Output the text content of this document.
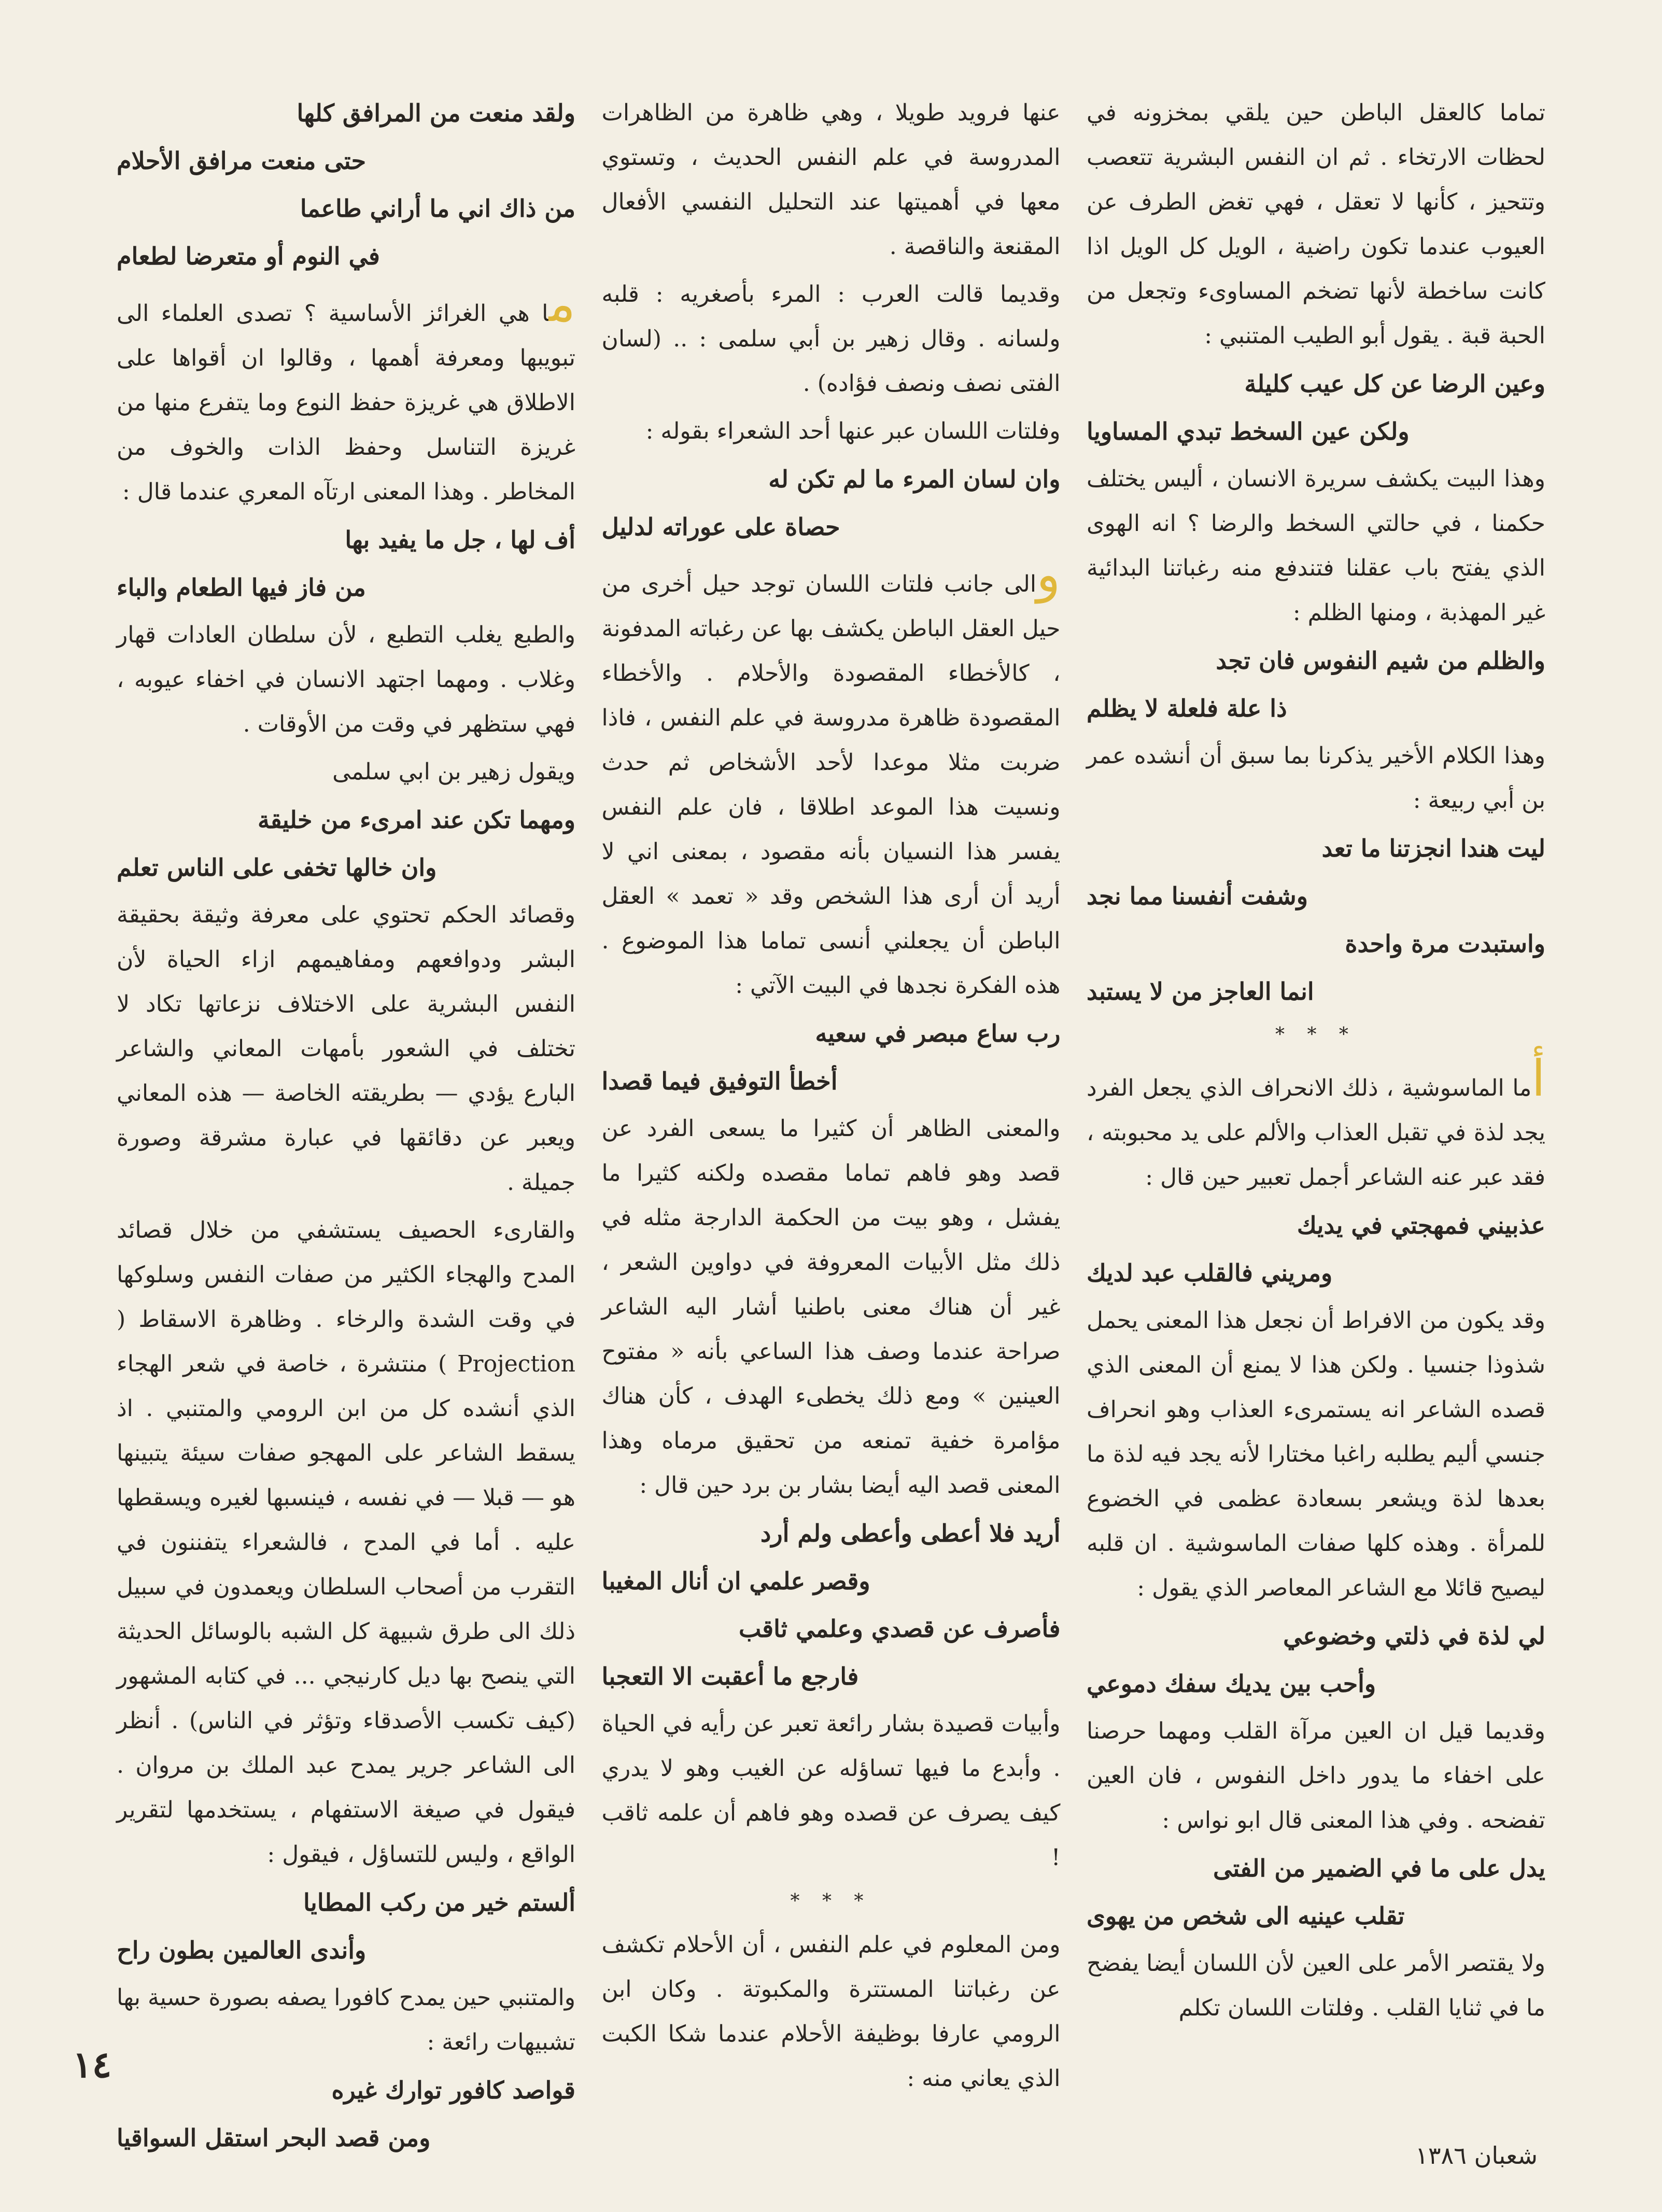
تماما كالعقل الباطن حين يلقي بمخزونه في لحظات الارتخاء . ثم ان النفس البشرية تتعصب وتتحيز ، كأنها لا تعقل ، فهي تغض الطرف عن العيوب عندما تكون راضية ، الويل كل الويل اذا كانت ساخطة لأنها تضخم المساوىء وتجعل من الحبة قبة . يقول أبو الطيب المتنبي :

وعين الرضا عن كل عيب كليلة

ولكن عين السخط تبدي المساويا

وهذا البيت يكشف سريرة الانسان ، أليس يختلف حكمنا ، في حالتي السخط والرضا ؟ انه الهوى الذي يفتح باب عقلنا فتندفع منه رغباتنا البدائية غير المهذبة ، ومنها الظلم :

والظلم من شيم النفوس فان تجد

ذا علة فلعلة لا يظلم

وهذا الكلام الأخير يذكرنا بما سبق أن أنشده عمر بن أبي ربيعة :

ليت هندا انجزتنا ما تعد

وشفت أنفسنا مما نجد

واستبدت مرة واحدة

انما العاجز من لا يستبد

* * *

أما الماسوشية ، ذلك الانحراف الذي يجعل الفرد يجد لذة في تقبل العذاب والألم على يد محبوبته ، فقد عبر عنه الشاعر أجمل تعبير حين قال :

عذبيني فمهجتي في يديك

ومريني فالقلب عبد لديك

وقد يكون من الافراط أن نجعل هذا المعنى يحمل شذوذا جنسيا . ولكن هذا لا يمنع أن المعنى الذي قصده الشاعر انه يستمرىء العذاب وهو انحراف جنسي أليم يطلبه راغبا مختارا لأنه يجد فيه لذة ما بعدها لذة ويشعر بسعادة عظمى في الخضوع للمرأة . وهذه كلها صفات الماسوشية . ان قلبه ليصيح قائلا مع الشاعر المعاصر الذي يقول :

لي لذة في ذلتي وخضوعي

وأحب بين يديك سفك دموعي

وقديما قيل ان العين مرآة القلب ومهما حرصنا على اخفاء ما يدور داخل النفوس ، فان العين تفضحه . وفي هذا المعنى قال ابو نواس :

يدل على ما في الضمير من الفتى

تقلب عينيه الى شخص من يهوى

ولا يقتصر الأمر على العين لأن اللسان أيضا يفضح ما في ثنايا القلب . وفلتات اللسان تكلم

عنها فرويد طويلا ، وهي ظاهرة من الظاهرات المدروسة في علم النفس الحديث ، وتستوي معها في أهميتها عند التحليل النفسي الأفعال المقنعة والناقصة .

وقديما قالت العرب : المرء بأصغريه : قلبه ولسانه . وقال زهير بن أبي سلمى : .. (لسان الفتى نصف ونصف فؤاده) .

وفلتات اللسان عبر عنها أحد الشعراء بقوله :

وان لسان المرء ما لم تكن له

حصاة على عوراته لدليل

والى جانب فلتات اللسان توجد حيل أخرى من حيل العقل الباطن يكشف بها عن رغباته المدفونة ، كالأخطاء المقصودة والأحلام . والأخطاء المقصودة ظاهرة مدروسة في علم النفس ، فاذا ضربت مثلا موعدا لأحد الأشخاص ثم حدث ونسيت هذا الموعد اطلاقا ، فان علم النفس يفسر هذا النسيان بأنه مقصود ، بمعنى اني لا أريد أن أرى هذا الشخص وقد « تعمد » العقل الباطن أن يجعلني أنسى تماما هذا الموضوع . هذه الفكرة نجدها في البيت الآتي :

رب ساع مبصر في سعيه

أخطأ التوفيق فيما قصدا

والمعنى الظاهر أن كثيرا ما يسعى الفرد عن قصد وهو فاهم تماما مقصده ولكنه كثيرا ما يفشل ، وهو بيت من الحكمة الدارجة مثله في ذلك مثل الأبيات المعروفة في دواوين الشعر ، غير أن هناك معنى باطنيا أشار اليه الشاعر صراحة عندما وصف هذا الساعي بأنه « مفتوح العينين » ومع ذلك يخطىء الهدف ، كأن هناك مؤامرة خفية تمنعه من تحقيق مرماه وهذا المعنى قصد اليه أيضا بشار بن برد حين قال :

أريد فلا أعطى وأعطى ولم أرد

وقصر علمي ان أنال المغيبا

فأصرف عن قصدي وعلمي ثاقب

فارجع ما أعقبت الا التعجبا

وأبيات قصيدة بشار رائعة تعبر عن رأيه في الحياة . وأبدع ما فيها تساؤله عن الغيب وهو لا يدري كيف يصرف عن قصده وهو فاهم أن علمه ثاقب !

* * *

ومن المعلوم في علم النفس ، أن الأحلام تكشف عن رغباتنا المستترة والمكبوتة . وكان ابن الرومي عارفا بوظيفة الأحلام عندما شكا الكبت الذي يعاني منه :

ولقد منعت من المرافق كلها

حتى منعت مرافق الأحلام

من ذاك اني ما أراني طاعما

في النوم أو متعرضا لطعام

ما هي الغرائز الأساسية ؟ تصدى العلماء الى تبويبها ومعرفة أهمها ، وقالوا ان أقواها على الاطلاق هي غريزة حفظ النوع وما يتفرع منها من غريزة التناسل وحفظ الذات والخوف من المخاطر . وهذا المعنى ارتآه المعري عندما قال :

أف لها ، جل ما يفيد بها

من فاز فيها الطعام والباء

والطبع يغلب التطبع ، لأن سلطان العادات قهار وغلاب . ومهما اجتهد الانسان في اخفاء عيوبه ، فهي ستظهر في وقت من الأوقات .

ويقول زهير بن ابي سلمى

ومهما تكن عند امرىء من خليقة

وان خالها تخفى على الناس تعلم

وقصائد الحكم تحتوي على معرفة وثيقة بحقيقة البشر ودوافعهم ومفاهيمهم ازاء الحياة لأن النفس البشرية على الاختلاف نزعاتها تكاد لا تختلف في الشعور بأمهات المعاني والشاعر البارع يؤدي — بطريقته الخاصة — هذه المعاني ويعبر عن دقائقها في عبارة مشرقة وصورة جميلة .

والقارىء الحصيف يستشفي من خلال قصائد المدح والهجاء الكثير من صفات النفس وسلوكها في وقت الشدة والرخاء . وظاهرة الاسقاط ( Projection ) منتشرة ، خاصة في شعر الهجاء الذي أنشده كل من ابن الرومي والمتنبي . اذ يسقط الشاعر على المهجو صفات سيئة يتبينها هو — قبلا — في نفسه ، فينسبها لغيره ويسقطها عليه . أما في المدح ، فالشعراء يتفننون في التقرب من أصحاب السلطان ويعمدون في سبيل ذلك الى طرق شبيهة كل الشبه بالوسائل الحديثة التي ينصح بها ديل كارنيجي ... في كتابه المشهور (كيف تكسب الأصدقاء وتؤثر في الناس) . أنظر الى الشاعر جرير يمدح عبد الملك بن مروان . فيقول في صيغة الاستفهام ، يستخدمها لتقرير الواقع ، وليس للتساؤل ، فيقول :

ألستم خير من ركب المطايا

وأندى العالمين بطون راح

والمتنبي حين يمدح كافورا يصفه بصورة حسية بها تشبيهات رائعة :

قواصد كافور توارك غيره

ومن قصد البحر استقل السواقيا

١٤
شعبان ١٣٨٦
